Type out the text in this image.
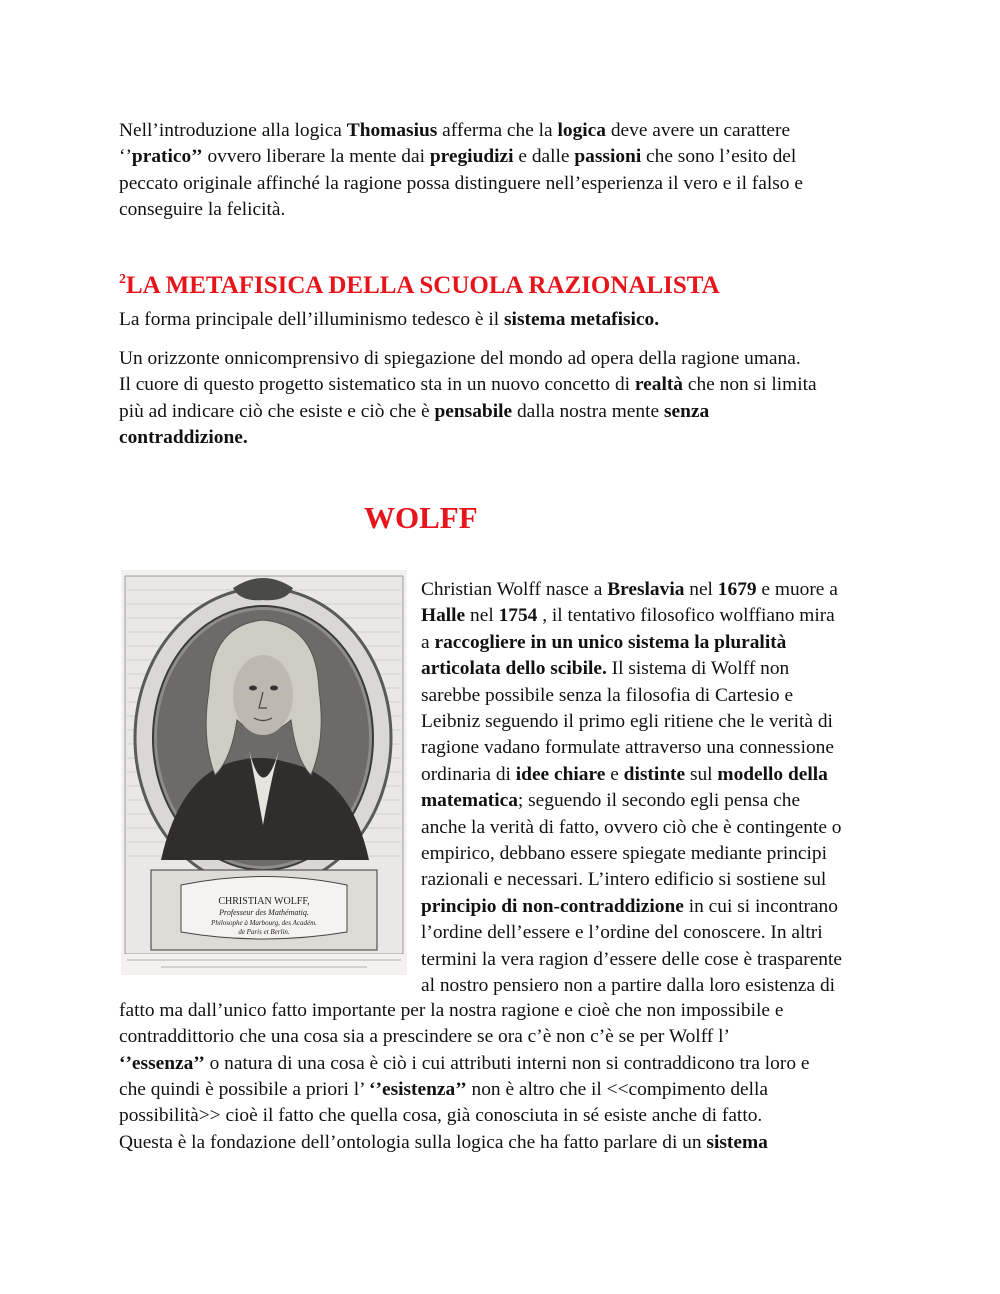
Nell’introduzione alla logica Thomasius afferma che la logica deve avere un carattere
‘’pratico’’ ovvero liberare la mente dai pregiudizi e dalle passioni che sono l’esito del
peccato originale affinché la ragione possa distinguere nell’esperienza il vero e il falso e
conseguire la felicità.
$^2$LA METAFISICA DELLA SCUOLA RAZIONALISTA
La forma principale dell’illuminismo tedesco è il sistema metafisico.
Un orizzonte onnicomprensivo di spiegazione del mondo ad opera della ragione umana.
Il cuore di questo progetto sistematico sta in un nuovo concetto di realtà che non si limita
più ad indicare ciò che esiste e ciò che è pensabile dalla nostra mente senza
contraddizione.
WOLFF
CHRISTIAN WOLFF,
Professeur des Mathématiq.
Philosophe à Marbourg, des Académ.
de Paris et Berlin.
Christian Wolff nasce a Breslavia nel 1679 e muore a
Halle nel 1754 , il tentativo filosofico wolffiano mira
a raccogliere in un unico sistema la pluralità
articolata dello scibile. Il sistema di Wolff non
sarebbe possibile senza la filosofia di Cartesio e
Leibniz seguendo il primo egli ritiene che le verità di
ragione vadano formulate attraverso una connessione
ordinaria di idee chiare e distinte sul modello della
matematica; seguendo il secondo egli pensa che
anche la verità di fatto, ovvero ciò che è contingente o
empirico, debbano essere spiegate mediante principi
razionali e necessari. L’intero edificio si sostiene sul
principio di non-contraddizione in cui si incontrano
l’ordine dell’essere e l’ordine del conoscere. In altri
termini la vera ragion d’essere delle cose è trasparente
al nostro pensiero non a partire dalla loro esistenza di
fatto ma dall’unico fatto importante per la nostra ragione e cioè che non impossibile e
contraddittorio che una cosa sia a prescindere se ora c’è non c’è se per Wolff l’
‘’essenza’’ o natura di una cosa è ciò i cui attributi interni non si contraddicono tra loro e
che quindi è possibile a priori l’ ‘’esistenza’’ non è altro che il <<compimento della
possibilità>> cioè il fatto che quella cosa, già conosciuta in sé esiste anche di fatto.
Questa è la fondazione dell’ontologia sulla logica che ha fatto parlare di un sistema
